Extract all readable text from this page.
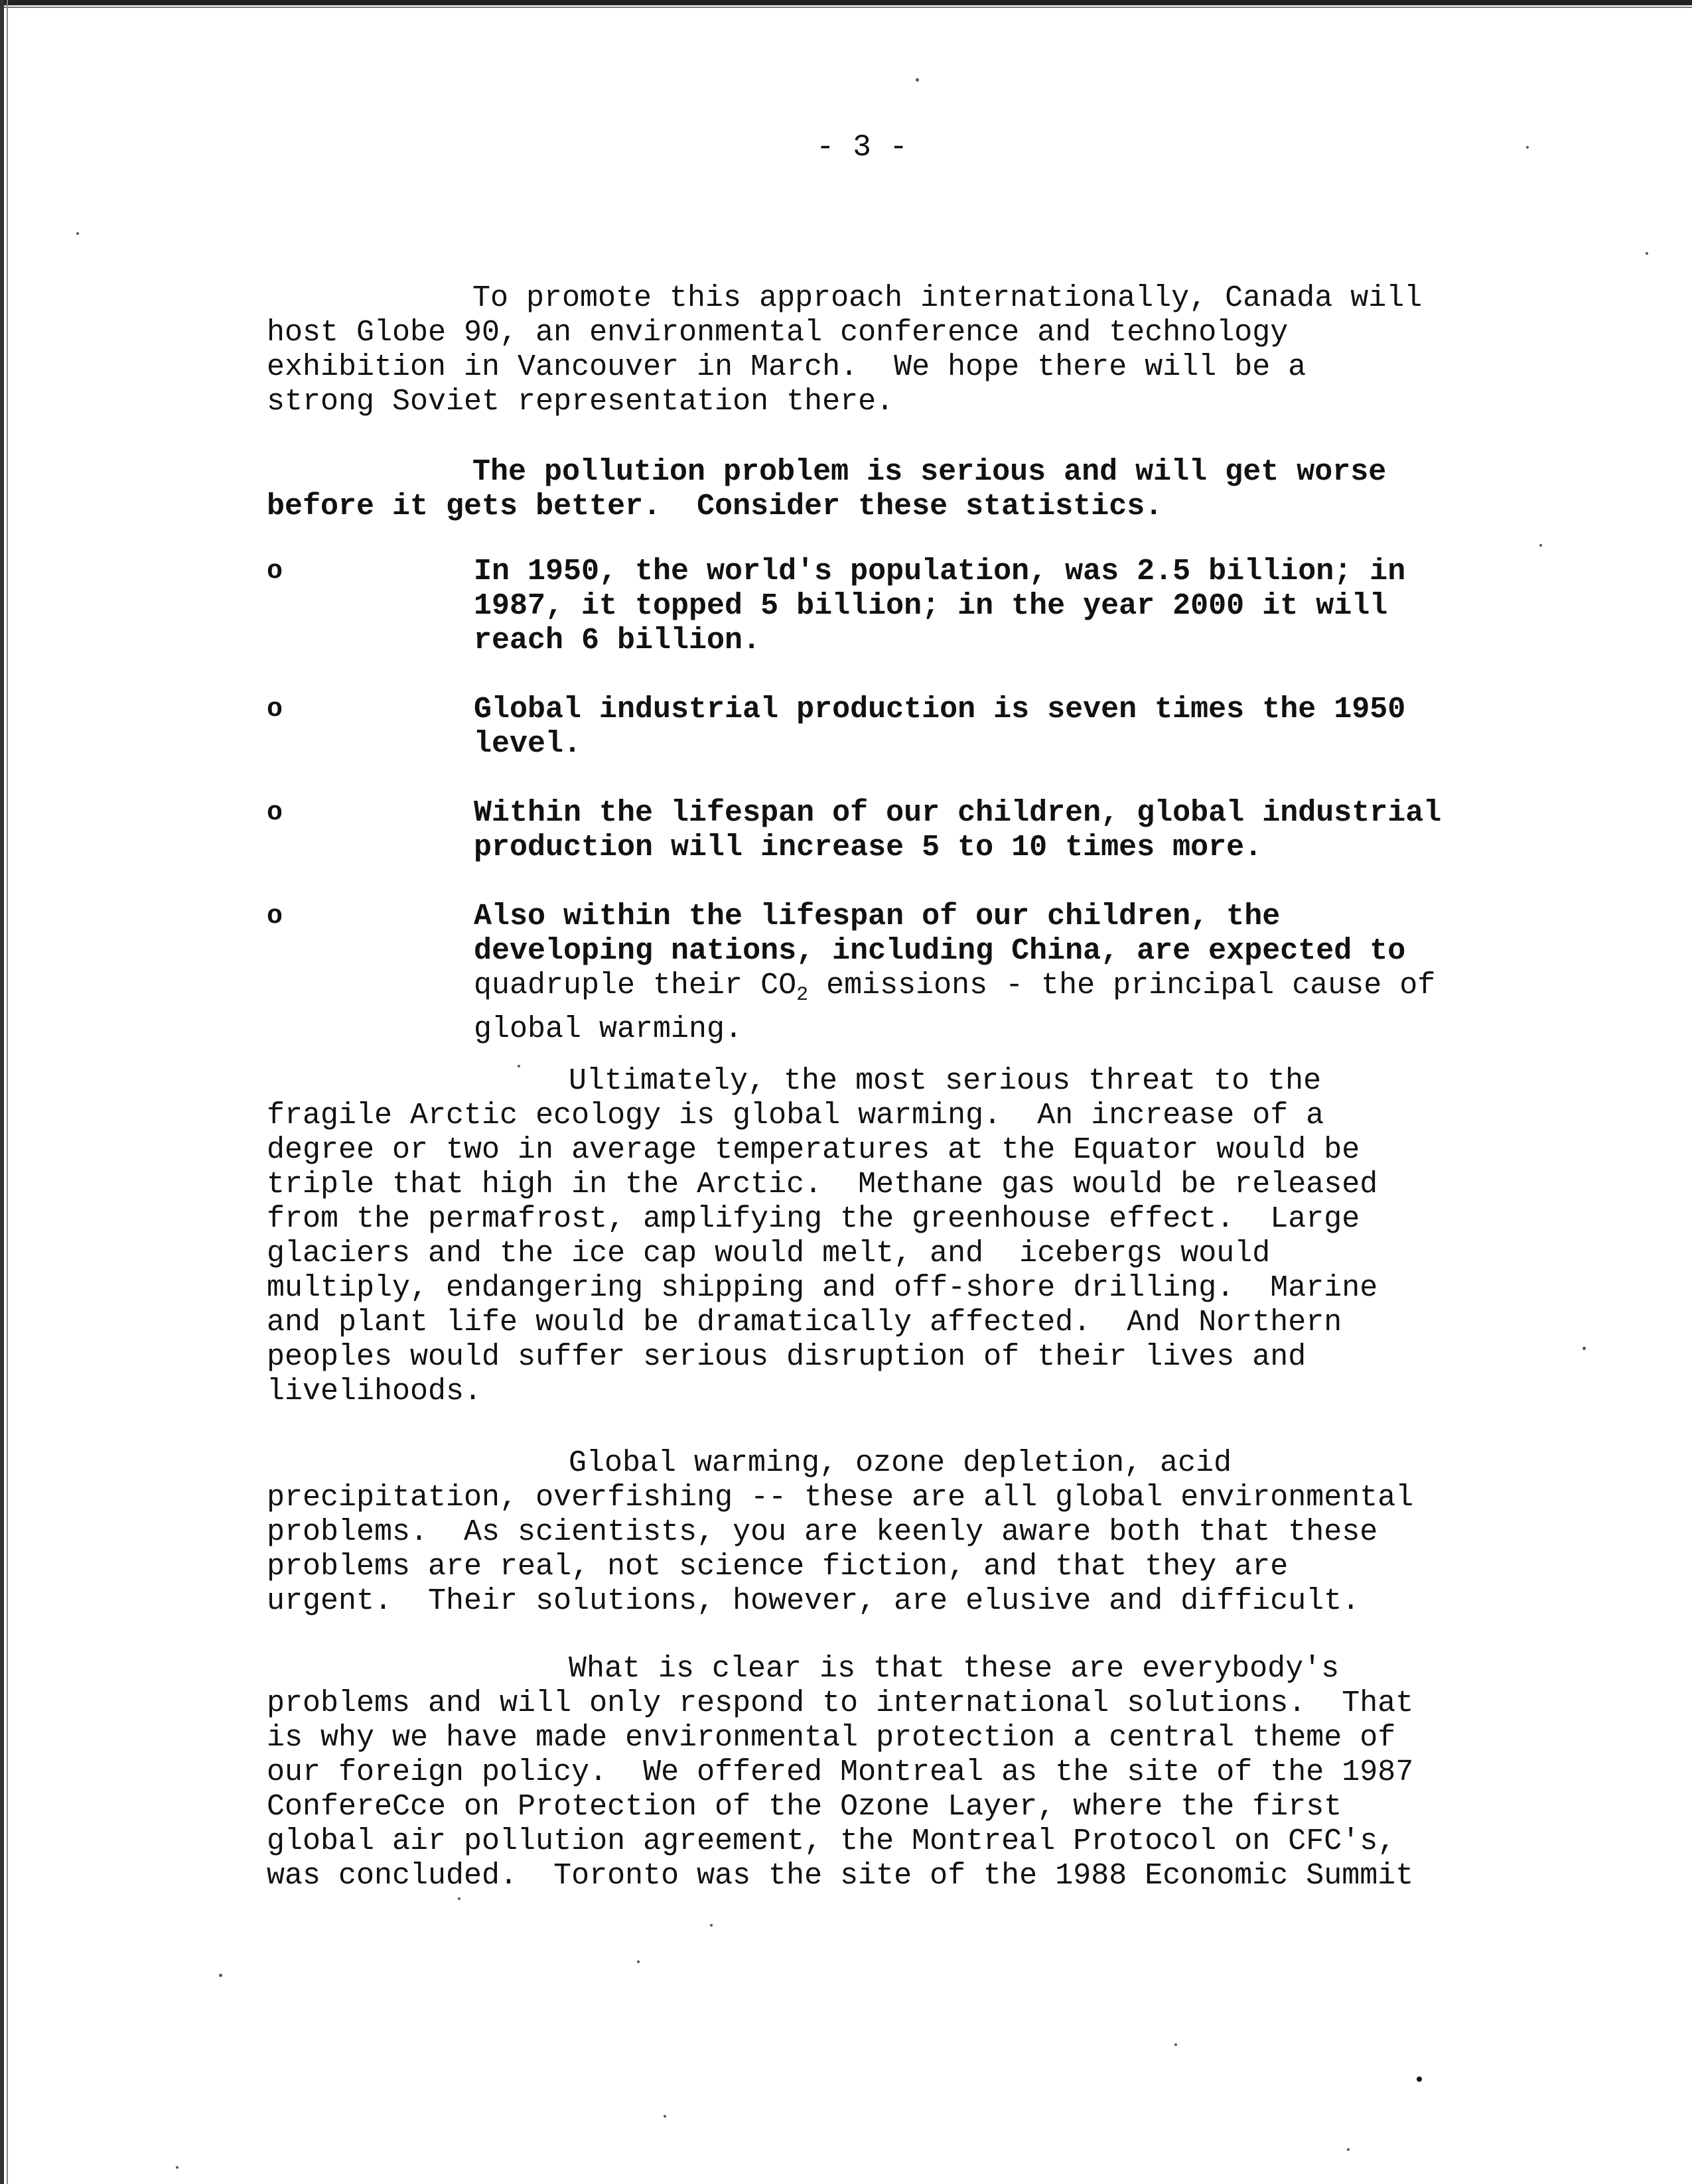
- 3 -
To promote this approach internationally, Canada will
host Globe 90, an environmental conference and technology
exhibition in Vancouver in March.  We hope there will be a
strong Soviet representation there.
The pollution problem is serious and will get worse
before it gets better.  Consider these statistics.
o	In 1950, the world's population, was 2.5 billion; in
1987, it topped 5 billion; in the year 2000 it will
reach 6 billion.
o	Global industrial production is seven times the 1950
level.
o	Within the lifespan of our children, global industrial
production will increase 5 to 10 times more.
o	Also within the lifespan of our children, the
developing nations, including China, are expected to
quadruple their $CO_2$ emissions - the principal cause of
global warming.
Ultimately, the most serious threat to the
fragile Arctic ecology is global warming.  An increase of a
degree or two in average temperatures at the Equator would be
triple that high in the Arctic.  Methane gas would be released
from the permafrost, amplifying the greenhouse effect.  Large
glaciers and the ice cap would melt, and  icebergs would
multiply, endangering shipping and off-shore drilling.  Marine
and plant life would be dramatically affected.  And Northern
peoples would suffer serious disruption of their lives and
livelihoods.
Global warming, ozone depletion, acid
precipitation, overfishing -- these are all global environmental
problems.  As scientists, you are keenly aware both that these
problems are real, not science fiction, and that they are
urgent.  Their solutions, however, are elusive and difficult.
What is clear is that these are everybody's
problems and will only respond to international solutions.  That
is why we have made environmental protection a central theme of
our foreign policy.  We offered Montreal as the site of the 1987
ConfereCce on Protection of the Ozone Layer, where the first
global air pollution agreement, the Montreal Protocol on CFC's,
was concluded.  Toronto was the site of the 1988 Economic Summit
